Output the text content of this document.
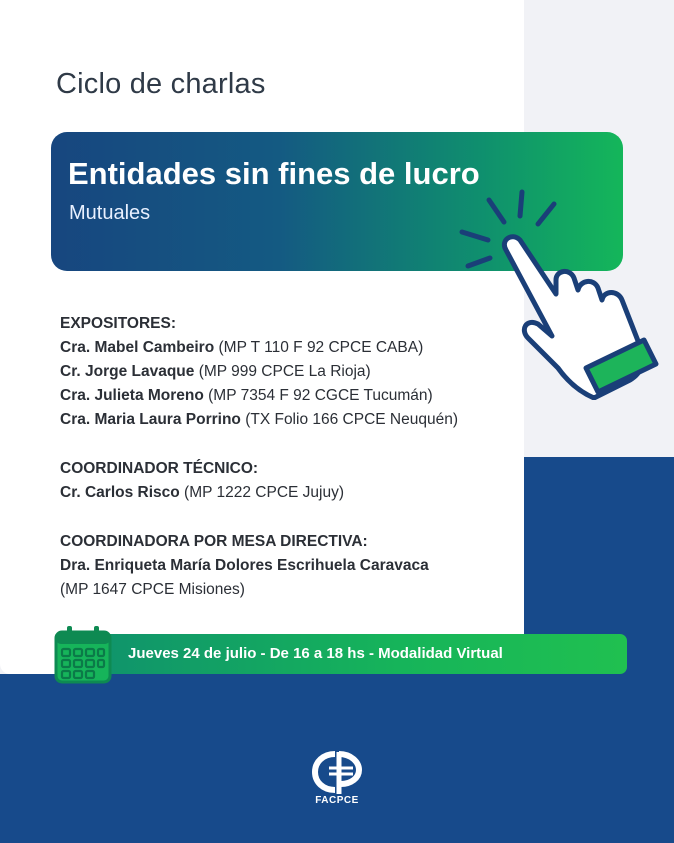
Ciclo de charlas
Entidades sin fines de lucro
Mutuales
EXPOSITORES:
Cra. Mabel Cambeiro (MP T 110 F 92 CPCE CABA)
Cr. Jorge Lavaque (MP 999 CPCE La Rioja)
Cra. Julieta Moreno (MP 7354 F 92 CGCE Tucumán)
Cra. Maria Laura Porrino (TX Folio 166 CPCE Neuquén)
COORDINADOR TÉCNICO:
Cr. Carlos Risco (MP 1222 CPCE Jujuy)
COORDINADORA POR MESA DIRECTIVA:
Dra. Enriqueta María Dolores Escrihuela Caravaca
(MP 1647 CPCE Misiones)
Jueves 24 de julio - De 16 a 18 hs - Modalidad Virtual
FACPCE
